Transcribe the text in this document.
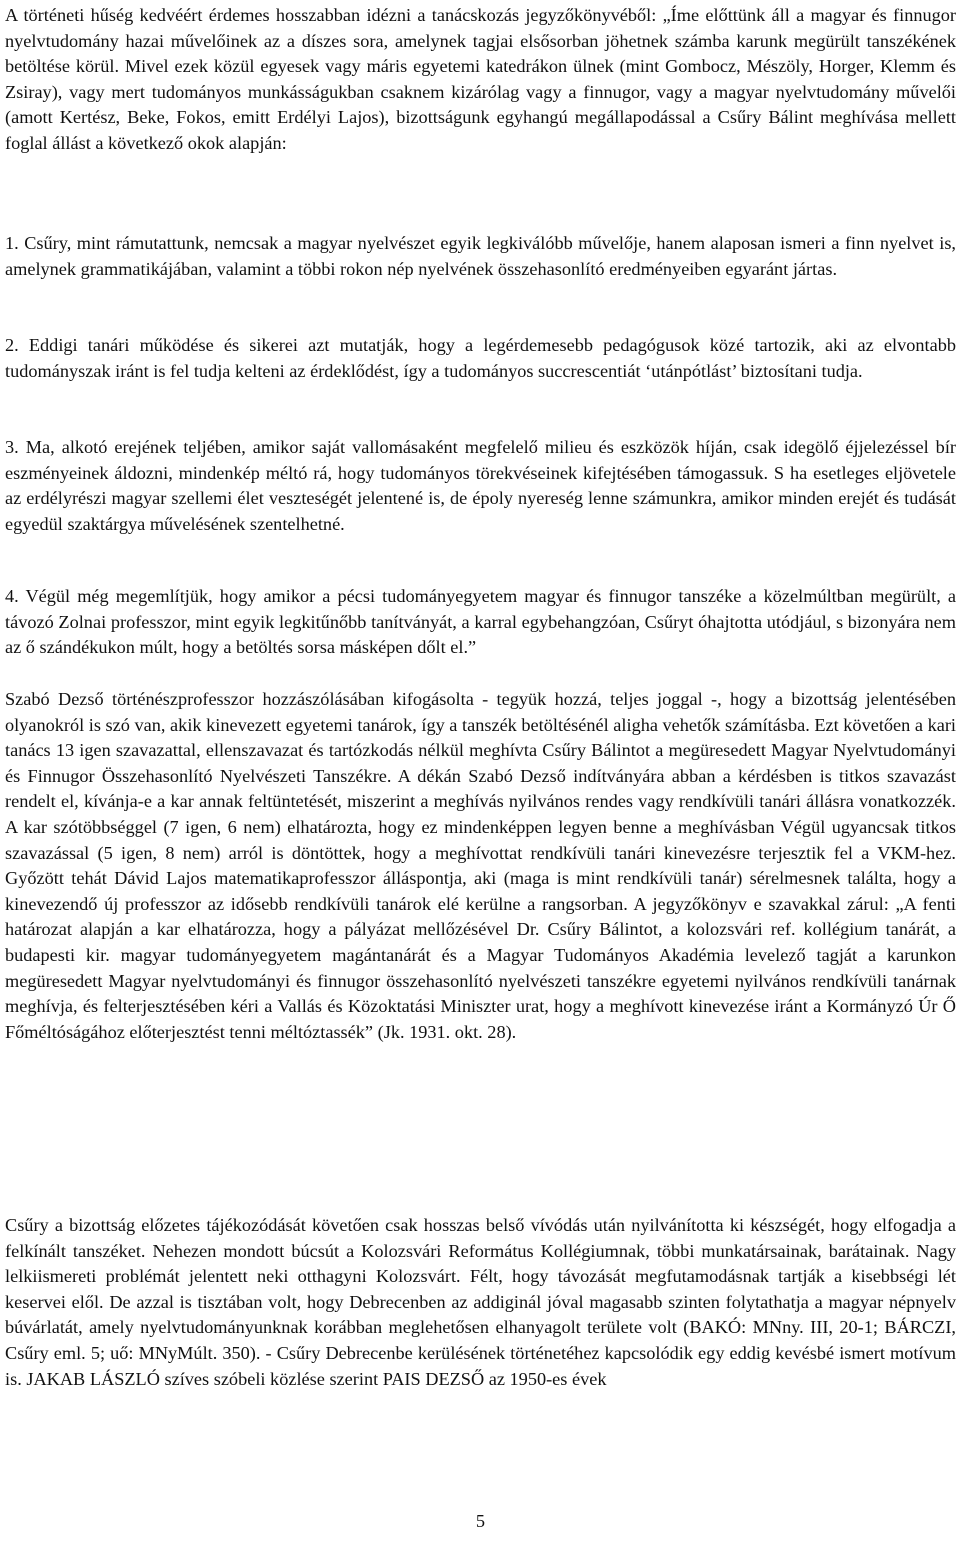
A történeti hűség kedvéért érdemes hosszabban idézni a tanácskozás jegyzőkönyvéből: „Íme előttünk áll a magyar és finnugor nyelvtudomány hazai művelőinek az a díszes sora, amelynek tagjai elsősorban jöhetnek számba karunk megürült tanszékének betöltése körül. Mivel ezek közül egyesek vagy máris egyetemi katedrákon ülnek (mint Gombocz, Mészöly, Horger, Klemm és Zsiray), vagy mert tudományos munkásságukban csaknem kizárólag vagy a finnugor, vagy a magyar nyelvtudomány művelői (amott Kertész, Beke, Fokos, emitt Erdélyi Lajos), bizottságunk egyhangú megállapodással a Csűry Bálint meghívása mellett foglal állást a következő okok alapján:

1. Csűry, mint rámutattunk, nemcsak a magyar nyelvészet egyik legkiválóbb művelője, hanem alaposan ismeri a finn nyelvet is, amelynek grammatikájában, valamint a többi rokon nép nyelvének összehasonlító eredményeiben egyaránt jártas.

2. Eddigi tanári működése és sikerei azt mutatják, hogy a legérdemesebb pedagógusok közé tartozik, aki az elvontabb tudományszak iránt is fel tudja kelteni az érdeklődést, így a tudományos succrescentiát ‘utánpótlást’ biztosítani tudja.

3. Ma, alkotó erejének teljében, amikor saját vallomásaként megfelelő milieu és eszközök híján, csak idegölő éjjelezéssel bír eszményeinek áldozni, mindenkép méltó rá, hogy tudományos törekvéseinek kifejtésében támogassuk. S ha esetleges eljövetele az erdélyrészi magyar szellemi élet veszteségét jelentené is, de époly nyereség lenne számunkra, amikor minden erejét és tudását egyedül szaktárgya művelésének szentelhetné.

4. Végül még megemlítjük, hogy amikor a pécsi tudományegyetem magyar és finnugor tanszéke a közelmúltban megürült, a távozó Zolnai professzor, mint egyik legkitűnőbb tanítványát, a karral egybehangzóan, Csűryt óhajtotta utódjául, s bizonyára nem az ő szándékukon múlt, hogy a betöltés sorsa másképen dőlt el.”

Szabó Dezső történészprofesszor hozzászólásában kifogásolta - tegyük hozzá, teljes joggal -, hogy a bizottság jelentésében olyanokról is szó van, akik kinevezett egyetemi tanárok, így a tanszék betöltésénél aligha vehetők számításba. Ezt követően a kari tanács 13 igen szavazattal, ellenszavazat és tartózkodás nélkül meghívta Csűry Bálintot a megüresedett Magyar Nyelvtudományi és Finnugor Összehasonlító Nyelvészeti Tanszékre. A dékán Szabó Dezső indítványára abban a kérdésben is titkos szavazást rendelt el, kívánja-e a kar annak feltüntetését, miszerint a meghívás nyilvános rendes vagy rendkívüli tanári állásra vonatkozzék. A kar szótöbbséggel (7 igen, 6 nem) elhatározta, hogy ez mindenképpen legyen benne a meghívásban Végül ugyancsak titkos szavazással (5 igen, 8 nem) arról is döntöttek, hogy a meghívottat rendkívüli tanári kinevezésre terjesztik fel a VKM-hez. Győzött tehát Dávid Lajos matematikaprofesszor álláspontja, aki (maga is mint rendkívüli tanár) sérelmesnek találta, hogy a kinevezendő új professzor az idősebb rendkívüli tanárok elé kerülne a rangsorban. A jegyzőkönyv e szavakkal zárul: „A fenti határozat alapján a kar elhatározza, hogy a pályázat mellőzésével Dr. Csűry Bálintot, a kolozsvári ref. kollégium tanárát, a budapesti kir. magyar tudományegyetem magántanárát és a Magyar Tudományos Akadémia levelező tagját a karunkon megüresedett Magyar nyelvtudományi és finnugor összehasonlító nyelvészeti tanszékre egyetemi nyilvános rendkívüli tanárnak meghívja, és felterjesztésében kéri a Vallás és Közoktatási Miniszter urat, hogy a meghívott kinevezése iránt a Kormányzó Úr Ő Főméltóságához előterjesztést tenni méltóztassék” (Jk. 1931. okt. 28).

Csűry a bizottság előzetes tájékozódását követően csak hosszas belső vívódás után nyilvánította ki készségét, hogy elfogadja a felkínált tanszéket. Nehezen mondott búcsút a Kolozsvári Református Kollégiumnak, többi munkatársainak, barátainak. Nagy lelkiismereti problémát jelentett neki otthagyni Kolozsvárt. Félt, hogy távozását megfutamodásnak tartják a kisebbségi lét keservei elől. De azzal is tisztában volt, hogy Debrecenben az addiginál jóval magasabb szinten folytathatja a magyar népnyelv búvárlatát, amely nyelvtudományunknak korábban meglehetősen elhanyagolt területe volt (BAKÓ: MNny. III, 20-1; BÁRCZI, Csűry eml. 5; uő: MNyMúlt. 350). - Csűry Debrecenbe kerülésének történetéhez kapcsolódik egy eddig kevésbé ismert motívum is. JAKAB LÁSZLÓ szíves szóbeli közlése szerint PAIS DEZSŐ az 1950-es évek

5
